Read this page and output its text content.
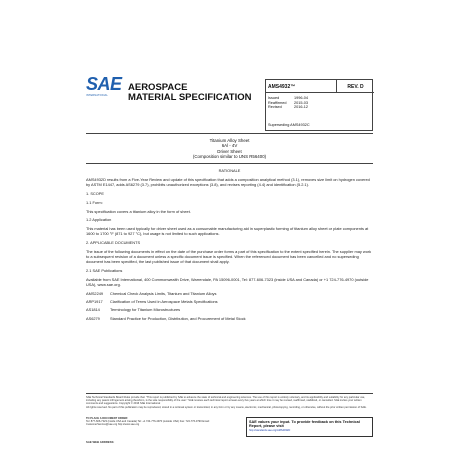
SAE
INTERNATIONAL
AEROSPACE
MATERIAL SPECIFICATION
AMS4932™	REV. D
Issued	1996-04
Reaffirmed 2015-03
Revised	2016-12
Superseding AMS4932C
Titanium Alloy Sheet
6Al - 4V
Driver Sheet
(Composition similar to UNS R56400)
RATIONALE
AMS4932D results from a Five-Year Review and update of this specification that adds a composition analytical method (3.1), removes size limit on hydrogen covered by ASTM E1447, adds AS6279 (3.7), prohibits unauthorized exceptions (3.8), and revises reporting (4.4) and identification (5.2.1).
1. SCOPE
1.1 Form:
This specification covers a titanium alloy in the form of sheet.
1.2 Application
This material has been used typically for driver sheet used as a consumable manufacturing aid in superplastic forming of titanium alloy sheet or plate components at 1600 to 1700 °F (871 to 927 °C), but usage is not limited to such applications.
2. APPLICABLE DOCUMENTS
The issue of the following documents in effect on the date of the purchase order forms a part of this specification to the extent specified herein. The supplier may work to a subsequent revision of a document unless a specific document issue is specified. When the referenced document has been cancelled and no superseding document has been specified, the last published issue of that document shall apply.
2.1 SAE Publications
Available from SAE International, 400 Commonwealth Drive, Warrendale, PA 15096-0001, Tel: 877-606-7323 (inside USA and Canada) or +1 724-776-4970 (outside USA), www.sae.org.
AMS2249	Chemical Check Analysis Limits, Titanium and Titanium Alloys
ARP1917	Clarification of Terms Used in Aerospace Metals Specifications
AS1814	Terminology for Titanium Microstructures
AS6279	Standard Practice for Production, Distribution, and Procurement of Metal Stock
SAE Technical Standards Board Rules provide that: "This report is published by SAE to advance the state of technical and engineering sciences. The use of this report is entirely voluntary, and its applicability and suitability for any particular use, including any patent infringement arising therefrom, is the sole responsibility of the user." SAE reviews each technical report at least every five years at which time it may be revised, reaffirmed, stabilized, or cancelled. SAE invites your written comments and suggestions. Copyright © 2016 SAE International
All rights reserved. No part of this publication may be reproduced, stored in a retrieval system or transmitted, in any form or by any means, electronic, mechanical, photocopying, recording, or otherwise, without the prior written permission of SAE.
TO PLACE A DOCUMENT ORDER:
Tel: 877-606-7323 (inside USA and Canada) Tel: +1 724-776-4970 (outside USA) Fax: 724-776-0790 Email: CustomerService@sae.org http://www.sae.org
SAE values your input. To provide feedback on this Technical Report, please visit
http://standards.sae.org/AMS4932D
SAE WEB ADDRESS:
